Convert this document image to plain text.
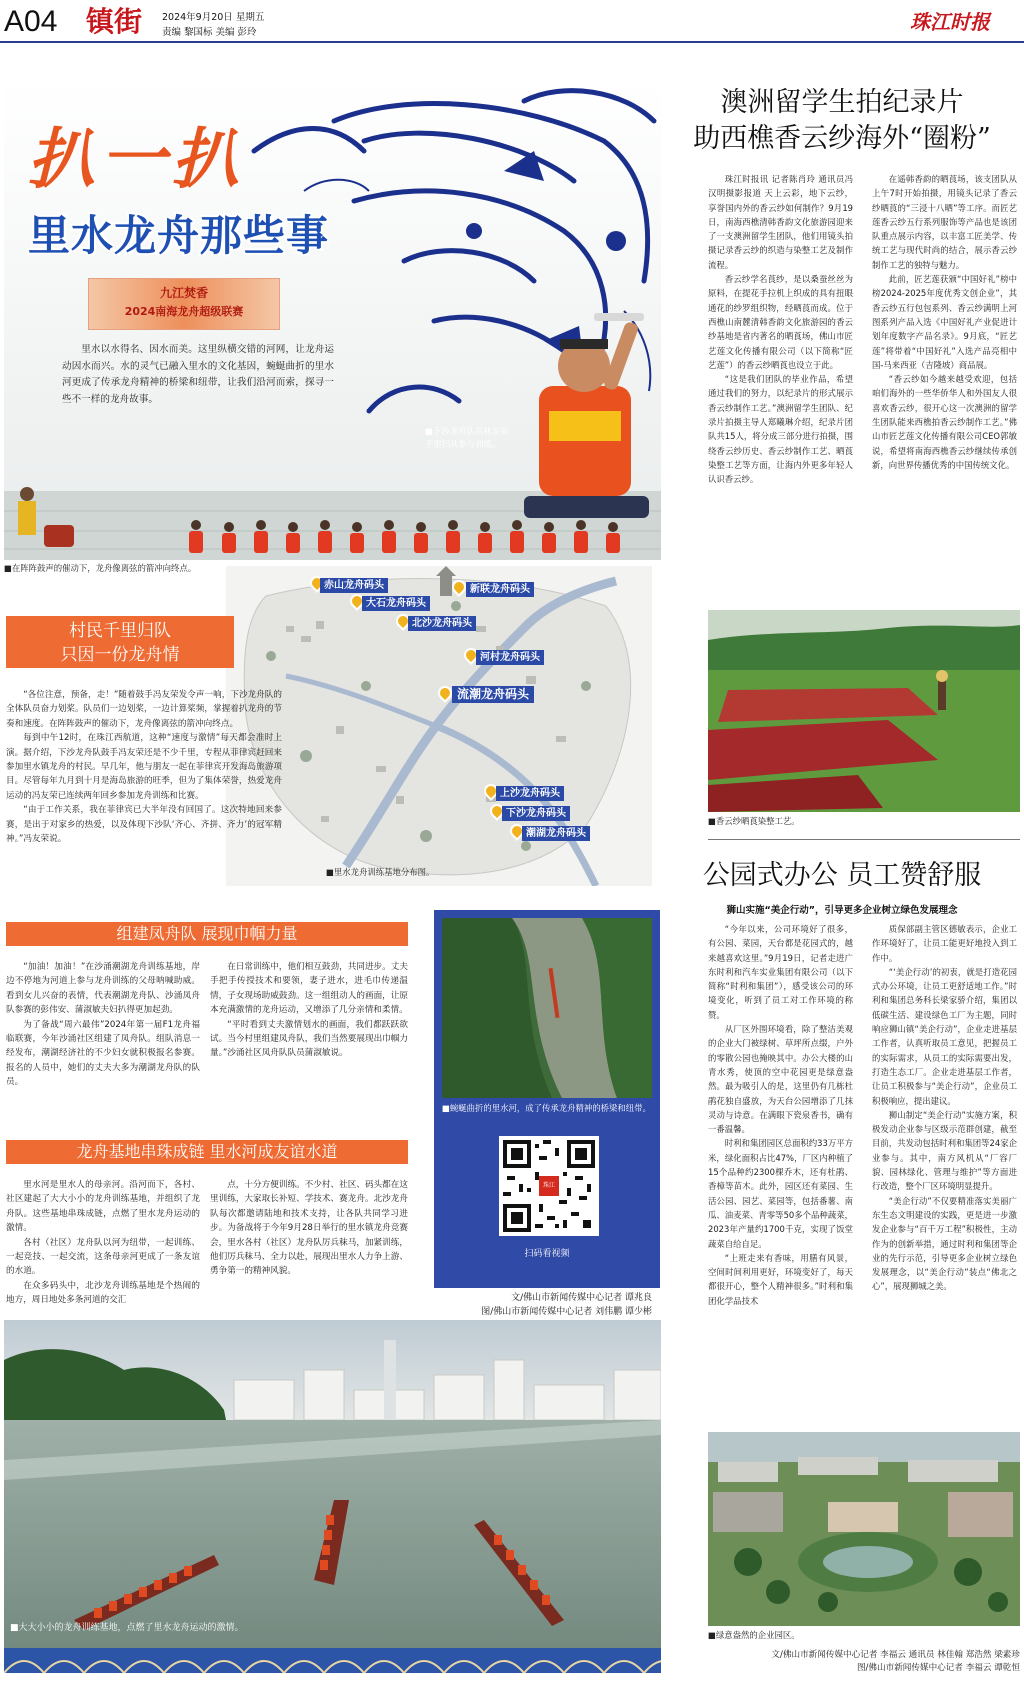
A04 镇街 2024年9月20日 星期五
责编 黎国标 美编 彭玲	珠江时报
扒一扒
里水龙舟那些事
九江焚香
2024南海龙舟超级联赛
里水以水得名、因水而美。这里纵横交错的河网，让龙舟运动因水而兴。水的灵气已融入里水的文化基因，蜿蜒曲折的里水河更成了传承龙舟精神的桥梁和纽带，让我们沿河而索，探寻一些不一样的龙舟故事。
■下沙龙舟队员林友荣手里扫从参与训练。
■在阵阵鼓声的催动下，龙舟像离弦的箭冲向终点。
赤山龙舟码头
大石龙舟码头
北沙龙舟码头
新联龙舟码头
河村龙舟码头
流潮龙舟码头
上沙龙舟码头
下沙龙舟码头
潮湖龙舟码头
■里水龙舟训练基地分布图。
村民千里归队
只因一份龙舟情

“各位注意，预备，走！”随着鼓手冯友荣发令声一响，下沙龙舟队的全体队员奋力划桨。队员们一边划桨，一边计算桨频，掌握着扒龙舟的节奏和速度。在阵阵鼓声的催动下，龙舟像离弦的箭冲向终点。

每到中午12时，在珠江西航道，这种“速度与激情”每天都会准时上演。据介绍，下沙龙舟队鼓手冯友荣还是不少千里，专程从菲律宾赶回来参加里水镇龙舟的村民。早几年，他与朋友一起在菲律宾开发海岛旅游项目。尽管每年九月到十月是海岛旅游的旺季，但为了集体荣誉，热爱龙舟运动的冯友荣已连续两年回乡参加龙舟训练和比赛。

“由于工作关系，我在菲律宾已大半年没有回国了。这次特地回来参赛，是出于对家乡的热爱，以及体现下沙队‘齐心、齐拼、齐力’的冠军精神。”冯友荣说。

组建凤舟队 展现巾帼力量

“加油！加油！”在沙涌潮湖龙舟训练基地，岸边不停地为河道上参与龙舟训练的父母呐喊助威。看到女儿兴奋的表情，代表潮湖龙舟队、沙涌凤舟队参赛的彭伟安、蒲淑敏夫妇扒得更加起劲。

为了备战“周六最伟”2024年第一届F1龙舟福临联赛，今年沙涌社区组建了凤舟队。组队消息一经发布，潮湖经济社的不少妇女就积极报名参赛。报名的人员中，她们的丈夫大多为潮湖龙舟队的队员。

在日常训练中，他们相互鼓劲，共同进步。丈夫手把手传授技术和要领，妻子进水，进毛巾传递温情，子女现场助威鼓劲。这一组组动人的画面，让原本充满激情的龙舟运动，又增添了几分亲情和柔情。

“平时看到丈夫激情划水的画面，我们都跃跃欲试。当今村里组建凤舟队，我们当然要展现出巾帼力量。”沙涌社区凤舟队队员蒲淑敏说。

■蜿蜒曲折的里水河，成了传承龙舟精神的桥梁和纽带。
珠江
扫码看视频
龙舟基地串珠成链 里水河成友谊水道

里水河是里水人的母亲河。沿河而下，各村、社区建起了大大小小的龙舟训练基地，并组织了龙舟队。这些基地串珠成链，点燃了里水龙舟运动的激情。

各村（社区）龙舟队以河为纽带，一起训练、一起竞技、一起交流，这条母亲河更成了一条友谊的水道。

在众多码头中，北沙龙舟训练基地是个热闹的地方，周日地处多条河道的交汇

点，十分方便训练。不少村、社区、码头都在这里训练，大家取长补短、学技术、赛龙舟。北沙龙舟队每次都邀请陆地和技术支持，让各队共同学习进步。为备战将于今年9月28日举行的里水镇龙舟竞赛会，里水各村（社区）龙舟队厉兵秣马，加紧训练，他们厉兵秣马、全力以赴，展现出里水人力争上游、勇争第一的精神风貌。

文/佛山市新闻传媒中心记者 谭兆良
图/佛山市新闻传媒中心记者 刘伟鹏 谭少彬
■大大小小的龙舟训练基地，点燃了里水龙舟运动的激情。
澳洲留学生拍纪录片
助西樵香云纱海外“圈粉”

珠江时报讯 记者陈肖玲 通讯员冯汉明摄影报道 天上云彩，地下云纱，享誉国内外的香云纱如何制作？9月19日，南海西樵清韩香韵文化旅游园迎来了一支澳洲留学生团队，他们用镜头拍摄记录香云纱的织造与染整工艺及制作流程。

香云纱学名莨纱，是以桑蚕丝丝为原料，在提花手拉机上织成的具有扭眼通花的纱罗组织物，经晒莨而成。位于西樵山南麓清韩香韵文化旅游园的香云纱基地是省内著名的晒莨场，佛山市匠艺莲文化传播有限公司（以下简称“匠艺莲”）的香云纱晒莨也设立于此。

“这是我们团队的毕业作品，希望通过我们的努力，以纪录片的形式展示香云纱制作工艺。”澳洲留学生团队、纪录片拍摄主导人郑曦琳介绍，纪录片团队共15人，将分成三部分进行拍摄，围绕香云纱历史、香云纱制作工艺、晒莨染整工艺等方面，让海内外更多年轻人认识香云纱。

在遥韩香韵的晒莨场，该支团队从上午7时开始拍摄，用镜头记录了香云纱晒莨的“三浸十八晒”等工序。而匠艺莲香云纱五行系列服饰等产品也是该团队重点展示内容，以丰富工匠美学、传统工艺与现代时尚的结合，展示香云纱制作工艺的独特与魅力。

此前，匠艺莲获颁“中国好礼”榜中榜2024-2025年度优秀文创企业”，其香云纱五行包包系列、香云纱满明上河图系列产品入选《中国好礼产业促进计划年度数字产品名录》。9月底，“匠艺莲”将带着“中国好礼”入选产品亮相中国-马来西亚（吉隆坡）商品展。

“香云纱如今越来越受欢迎，包括咱们海外的一些华侨华人和外国友人很喜欢香云纱，很开心这一次澳洲的留学生团队能来西樵拍香云纱制作工艺。”佛山市匠艺莲文化传播有限公司CEO郭敏说，希望将南海西樵香云纱继续传承创新，向世界传播优秀的中国传统文化。

■香云纱晒莨染整工艺。
公园式办公 员工赞舒服
狮山实施“美企行动”，引导更多企业树立绿色发展理念

“今年以来，公司环境好了很多，有公园、菜园，天台都是花园式的，越来越喜欢这里。”9月19日，记者走进广东时利和汽车实业集团有限公司（以下简称“时利和集团”），感受该公司的环境变化，听到了员工对工作环境的称赞。

从厂区外围环境看，除了整洁美观的企业大门被绿树、草坪所点缀，户外的零散公园也掩映其中。办公大楼的山青水秀，使顶的空中花园更是绿意盎然。最为吸引人的是，这里仍有几栋杜鹃花独自盛放，为天台公园增添了几抹灵动与诗意。在满眼下瓷泉香书，确有一番温馨。

时利和集团园区总面积约33万平方米，绿化面积占比47%，厂区内种植了15个品种约2300棵乔木，还有杜鹃、香樟等苗木。此外，园区还有菜园、生活公园、园艺、菜园等，包括番薯、南瓜、油麦菜、青零等50多个品种蔬菜，2023年产量约1700千克，实现了饭堂蔬菜自给自足。

“上班走来有香味，用膳有风景，空间时间利用更好，环境变好了，每天都很开心，整个人精神很多。”时利和集团化学品技术

质保部副主管区德敏表示，企业工作环境好了，让员工能更好地投入到工作中。

“‘美企行动’的初衷，就是打造花园式办公环境，让员工更舒适地工作。”时利和集团总务科长梁家骄介绍，集团以低碳生活、建设绿色工厂为主题，同时响应狮山镇“美企行动”，企业走进基层工作者，认真听取员工意见，把握员工的实际需求，从员工的实际需要出发，打造生态工厂。企业走进基层工作者，让员工积极参与“美企行动”，企业员工积极响应，提出建议。

狮山制定“美企行动”实施方案，积极发动企业参与区级示范群创建，截至目前，共发动包括时利和集团等24家企业参与。其中，南方风机从“厂容厂貌、园林绿化、管理与维护”等方面进行改造，整个厂区环境明显提升。

“美企行动”不仅要精准落实美丽广东生态文明建设的实践，更是进一步激发企业参与“百千万工程”积极性，主动作为的创新举措，通过时利和集团等企业的先行示范，引导更多企业树立绿色发展理念，以“美企行动”装点“佛北之心”，展现狮城之美。

■绿意盎然的企业园区。
文/佛山市新闻传媒中心记者 李福云 通讯员 林佳翰 郑浩然 梁素珍
图/佛山市新闻传媒中心记者 李福云 谭乾恒
